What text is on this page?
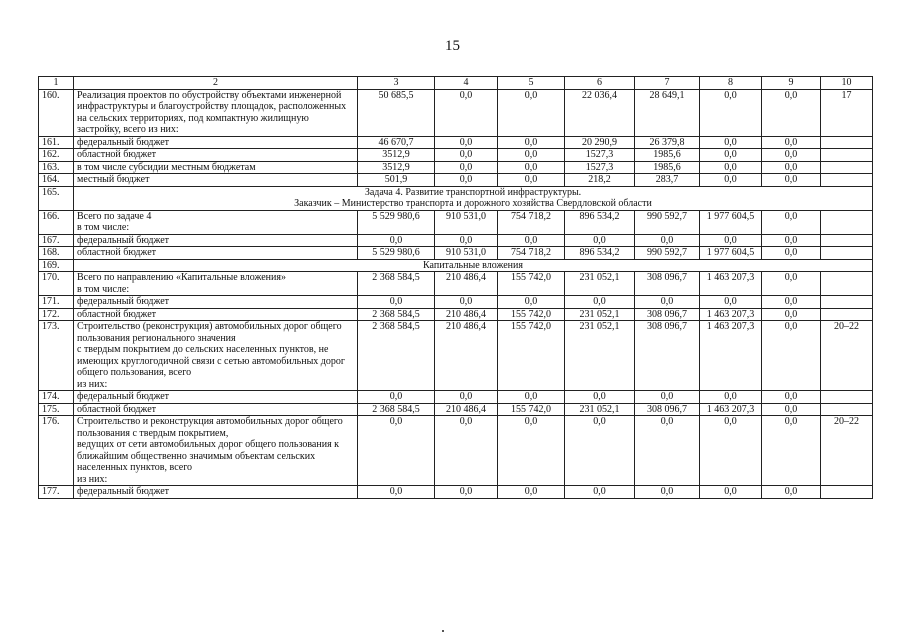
15
1	2	3	4	5	6	7	8	9	10
160.	Реализация проектов по обустройству объектами инженерной инфраструктуры и благоустройству площадок, расположенных на сельских территориях, под компактную жилищную застройку, всего из них:	50 685,5	0,0	0,0	22 036,4	28 649,1	0,0	0,0	17
161.	федеральный бюджет	46 670,7	0,0	0,0	20 290,9	26 379,8	0,0	0,0	
162.	областной бюджет	3512,9	0,0	0,0	1527,3	1985,6	0,0	0,0	
163.	в том числе субсидии местным бюджетам	3512,9	0,0	0,0	1527,3	1985,6	0,0	0,0	
164.	местный бюджет	501,9	0,0	0,0	218,2	283,7	0,0	0,0	
165.	Задача 4. Развитие транспортной инфраструктуры.
Заказчик – Министерство транспорта и дорожного хозяйства Свердловской области								
166.	Всего по задаче 4
в том числе:	5 529 980,6	910 531,0	754 718,2	896 534,2	990 592,7	1 977 604,5	0,0	
167.	федеральный бюджет	0,0	0,0	0,0	0,0	0,0	0,0	0,0	
168.	областной бюджет	5 529 980,6	910 531,0	754 718,2	896 534,2	990 592,7	1 977 604,5	0,0	
169.	Капитальные вложения								
170.	Всего по направлению «Капитальные вложения»
в том числе:	2 368 584,5	210 486,4	155 742,0	231 052,1	308 096,7	1 463 207,3	0,0	
171.	федеральный бюджет	0,0	0,0	0,0	0,0	0,0	0,0	0,0	
172.	областной бюджет	2 368 584,5	210 486,4	155 742,0	231 052,1	308 096,7	1 463 207,3	0,0	
173.	Строительство (реконструкция) автомобильных дорог общего пользования регионального значения
с твердым покрытием до сельских населенных пунктов, не имеющих круглогодичной связи с сетью автомобильных дорог общего пользования, всего
из них:	2 368 584,5	210 486,4	155 742,0	231 052,1	308 096,7	1 463 207,3	0,0	20–22
174.	федеральный бюджет	0,0	0,0	0,0	0,0	0,0	0,0	0,0	
175.	областной бюджет	2 368 584,5	210 486,4	155 742,0	231 052,1	308 096,7	1 463 207,3	0,0	
176.	Строительство и реконструкция автомобильных дорог общего пользования с твердым покрытием,
ведущих от сети автомобильных дорог общего пользования к ближайшим общественно значимым объектам сельских населенных пунктов, всего
из них:	0,0	0,0	0,0	0,0	0,0	0,0	0,0	20–22
177.	федеральный бюджет	0,0	0,0	0,0	0,0	0,0	0,0	0,0	
